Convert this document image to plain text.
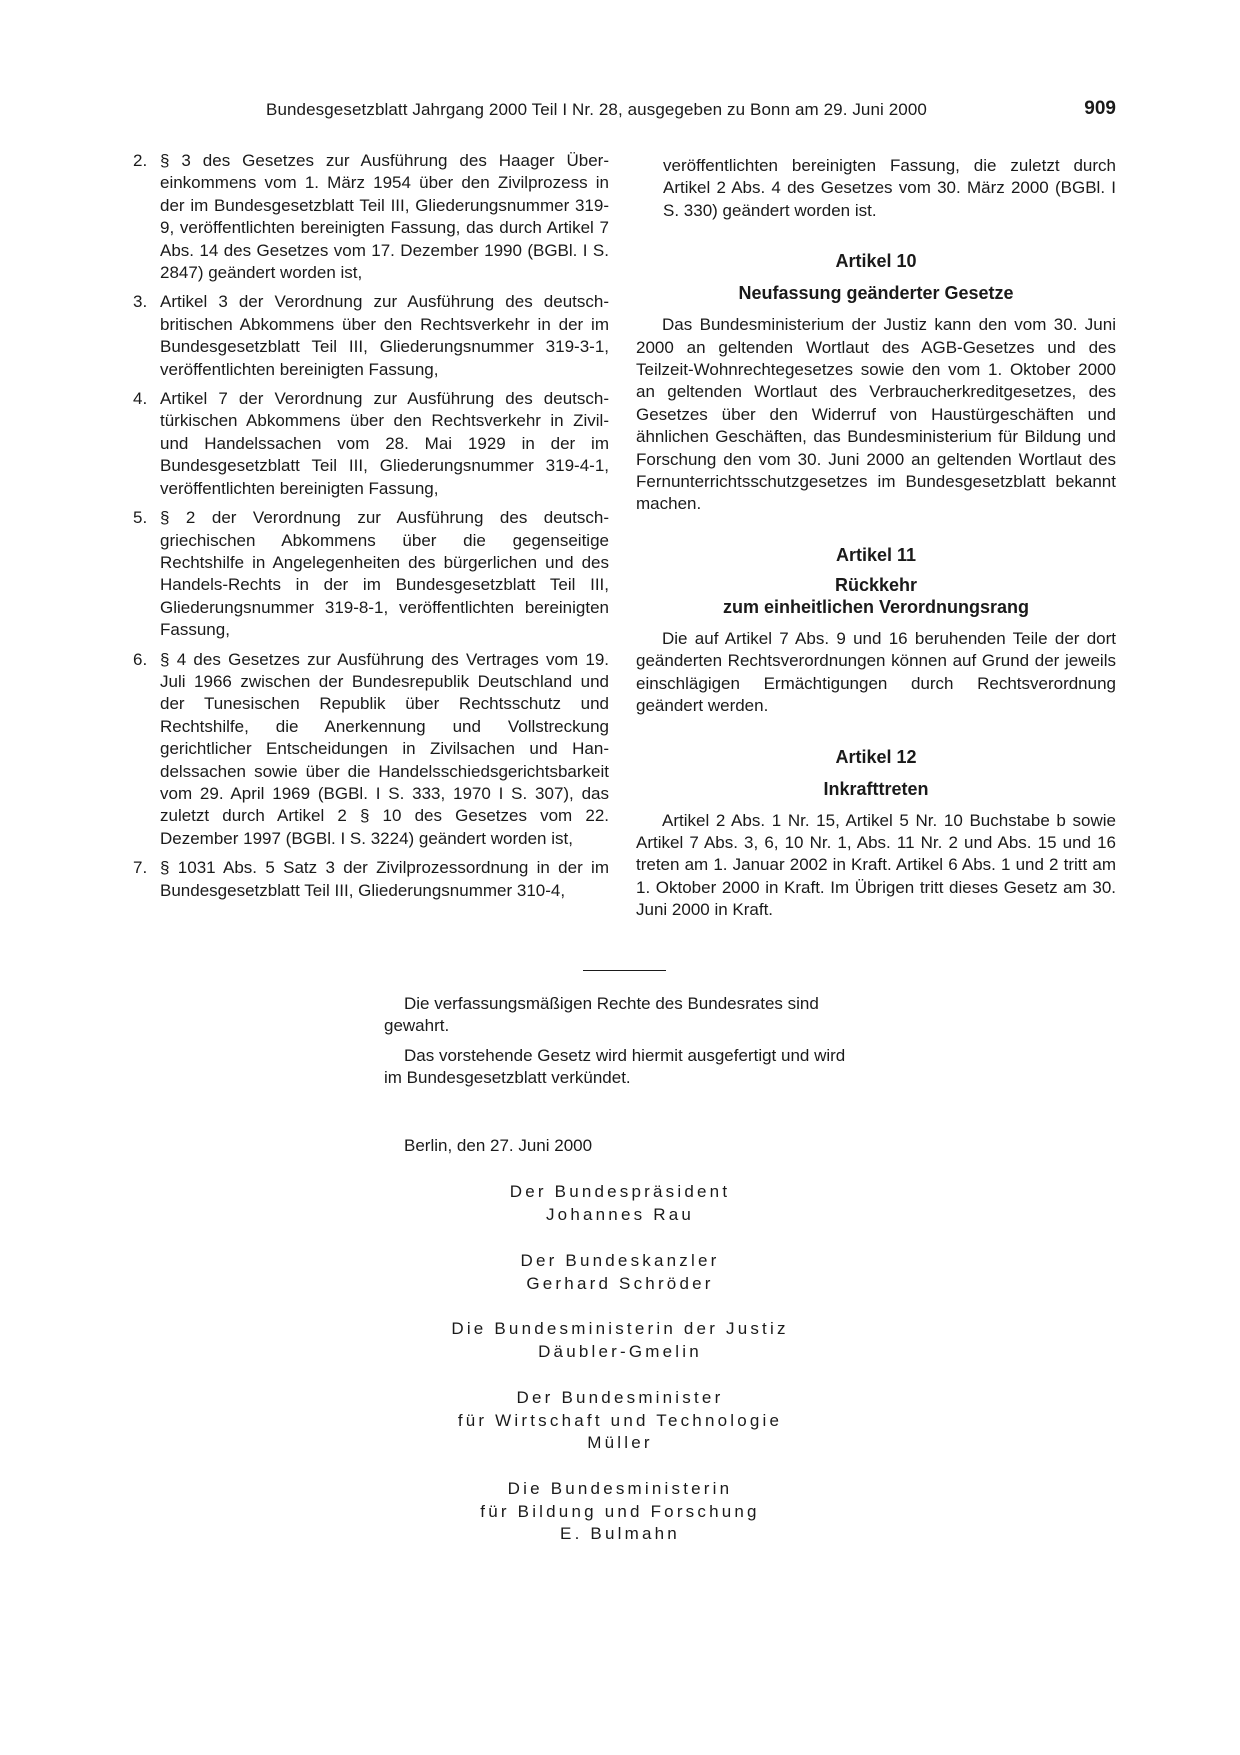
Bundesgesetzblatt Jahrgang 2000 Teil I Nr. 28, ausgegeben zu Bonn am 29. Juni 2000	909
2. § 3 des Gesetzes zur Ausführung des Haager Übereinkommens vom 1. März 1954 über den Zivilprozess in der im Bundesgesetzblatt Teil III, Gliederungsnummer 319-9, veröffentlichten bereinigten Fassung, das durch Artikel 7 Abs. 14 des Gesetzes vom 17. Dezember 1990 (BGBl. I S. 2847) geändert worden ist,
3. Artikel 3 der Verordnung zur Ausführung des deutsch-britischen Abkommens über den Rechtsverkehr in der im Bundesgesetzblatt Teil III, Gliederungsnummer 319-3-1, veröffentlichten bereinigten Fassung,
4. Artikel 7 der Verordnung zur Ausführung des deutsch-türkischen Abkommens über den Rechtsverkehr in Zivil- und Handelssachen vom 28. Mai 1929 in der im Bundesgesetzblatt Teil III, Gliederungsnummer 319-4-1, veröffentlichten bereinigten Fassung,
5. § 2 der Verordnung zur Ausführung des deutsch-griechischen Abkommens über die gegenseitige Rechtshilfe in Angelegenheiten des bürgerlichen und des Handels-Rechts in der im Bundesgesetzblatt Teil III, Gliederungsnummer 319-8-1, veröffentlichten bereinigten Fassung,
6. § 4 des Gesetzes zur Ausführung des Vertrages vom 19. Juli 1966 zwischen der Bundesrepublik Deutschland und der Tunesischen Republik über Rechtsschutz und Rechtshilfe, die Anerkennung und Vollstreckung gerichtlicher Entscheidungen in Zivilsachen und Handelssachen sowie über die Handelsschiedsgerichtsbarkeit vom 29. April 1969 (BGBl. I S. 333, 1970 I S. 307), das zuletzt durch Artikel 2 § 10 des Gesetzes vom 22. Dezember 1997 (BGBl. I S. 3224) geändert worden ist,
7. § 1031 Abs. 5 Satz 3 der Zivilprozessordnung in der im Bundesgesetzblatt Teil III, Gliederungsnummer 310-4,

veröffentlichten bereinigten Fassung, die zuletzt durch Artikel 2 Abs. 4 des Gesetzes vom 30. März 2000 (BGBl. I S. 330) geändert worden ist.

Artikel 10

Neufassung geänderter Gesetze

Das Bundesministerium der Justiz kann den vom 30. Juni 2000 an geltenden Wortlaut des AGB-Gesetzes und des Teilzeit-Wohnrechtegesetzes sowie den vom 1. Oktober 2000 an geltenden Wortlaut des Verbraucherkreditgesetzes, des Gesetzes über den Widerruf von Haustürgeschäften und ähnlichen Geschäften, das Bundesministerium für Bildung und Forschung den vom 30. Juni 2000 an geltenden Wortlaut des Fernunterrichtsschutzgesetzes im Bundesgesetzblatt bekannt machen.

Artikel 11

Rückkehr

zum einheitlichen Verordnungsrang

Die auf Artikel 7 Abs. 9 und 16 beruhenden Teile der dort geänderten Rechtsverordnungen können auf Grund der jeweils einschlägigen Ermächtigungen durch Rechtsverordnung geändert werden.

Artikel 12

Inkrafttreten

Artikel 2 Abs. 1 Nr. 15, Artikel 5 Nr. 10 Buchstabe b sowie Artikel 7 Abs. 3, 6, 10 Nr. 1, Abs. 11 Nr. 2 und Abs. 15 und 16 treten am 1. Januar 2002 in Kraft. Artikel 6 Abs. 1 und 2 tritt am 1. Oktober 2000 in Kraft. Im Übrigen tritt dieses Gesetz am 30. Juni 2000 in Kraft.

Die verfassungsmäßigen Rechte des Bundesrates sind gewahrt.

Das vorstehende Gesetz wird hiermit ausgefertigt und wird im Bundesgesetzblatt verkündet.

Berlin, den 27. Juni 2000
Der Bundespräsident
Johannes Rau
Der Bundeskanzler
Gerhard Schröder
Die Bundesministerin der Justiz
Däubler-Gmelin
Der Bundesminister
für Wirtschaft und Technologie
Müller
Die Bundesministerin
für Bildung und Forschung
E. Bulmahn
